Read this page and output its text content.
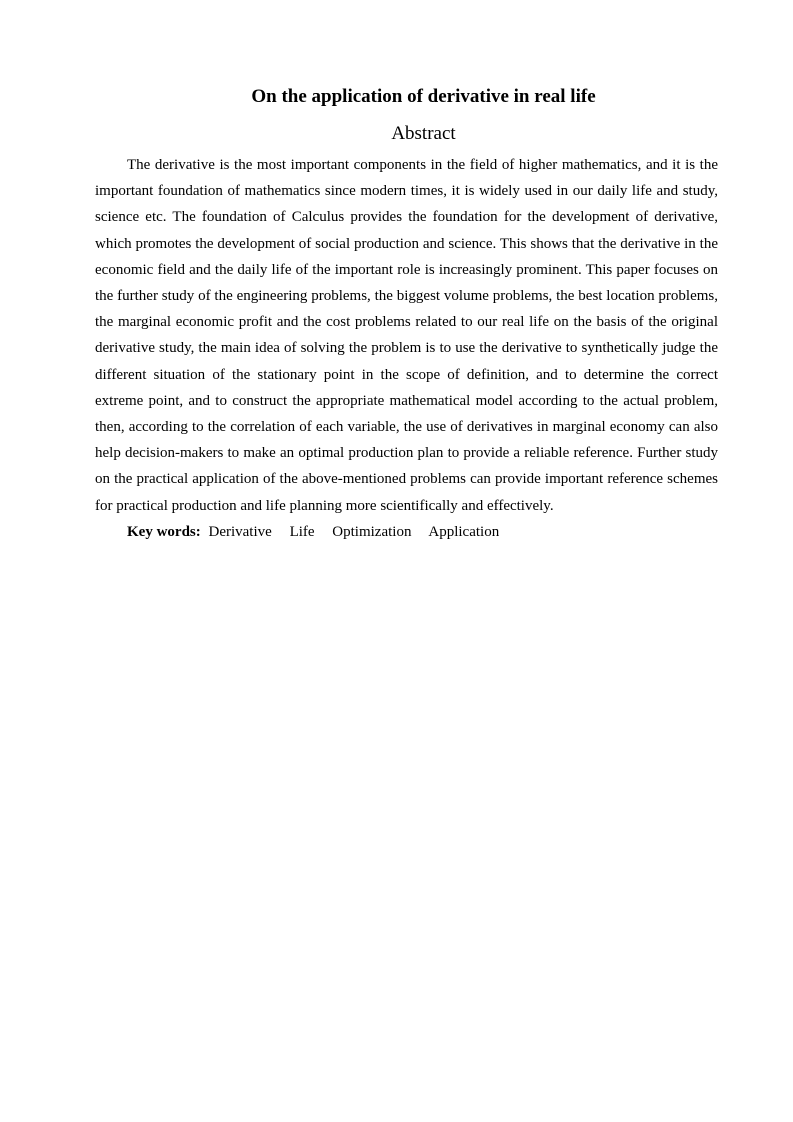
On the application of derivative in real life
Abstract

The derivative is the most important components in the field of higher mathematics, and it is the important foundation of mathematics since modern times, it is widely used in our daily life and study, science etc. The foundation of Calculus provides the foundation for the development of derivative, which promotes the development of social production and science. This shows that the derivative in the economic field and the daily life of the important role is increasingly prominent. This paper focuses on the further study of the engineering problems, the biggest volume problems, the best location problems, the marginal economic profit and the cost problems related to our real life on the basis of the original derivative study, the main idea of solving the problem is to use the derivative to synthetically judge the different situation of the stationary point in the scope of definition, and to determine the correct extreme point, and to construct the appropriate mathematical model according to the actual problem, then, according to the correlation of each variable, the use of derivatives in marginal economy can also help decision-makers to make an optimal production plan to provide a reliable reference. Further study on the practical application of the above-mentioned problems can provide important reference schemes for practical production and life planning more scientifically and effectively.

Key words: Derivative Life Optimization Application
